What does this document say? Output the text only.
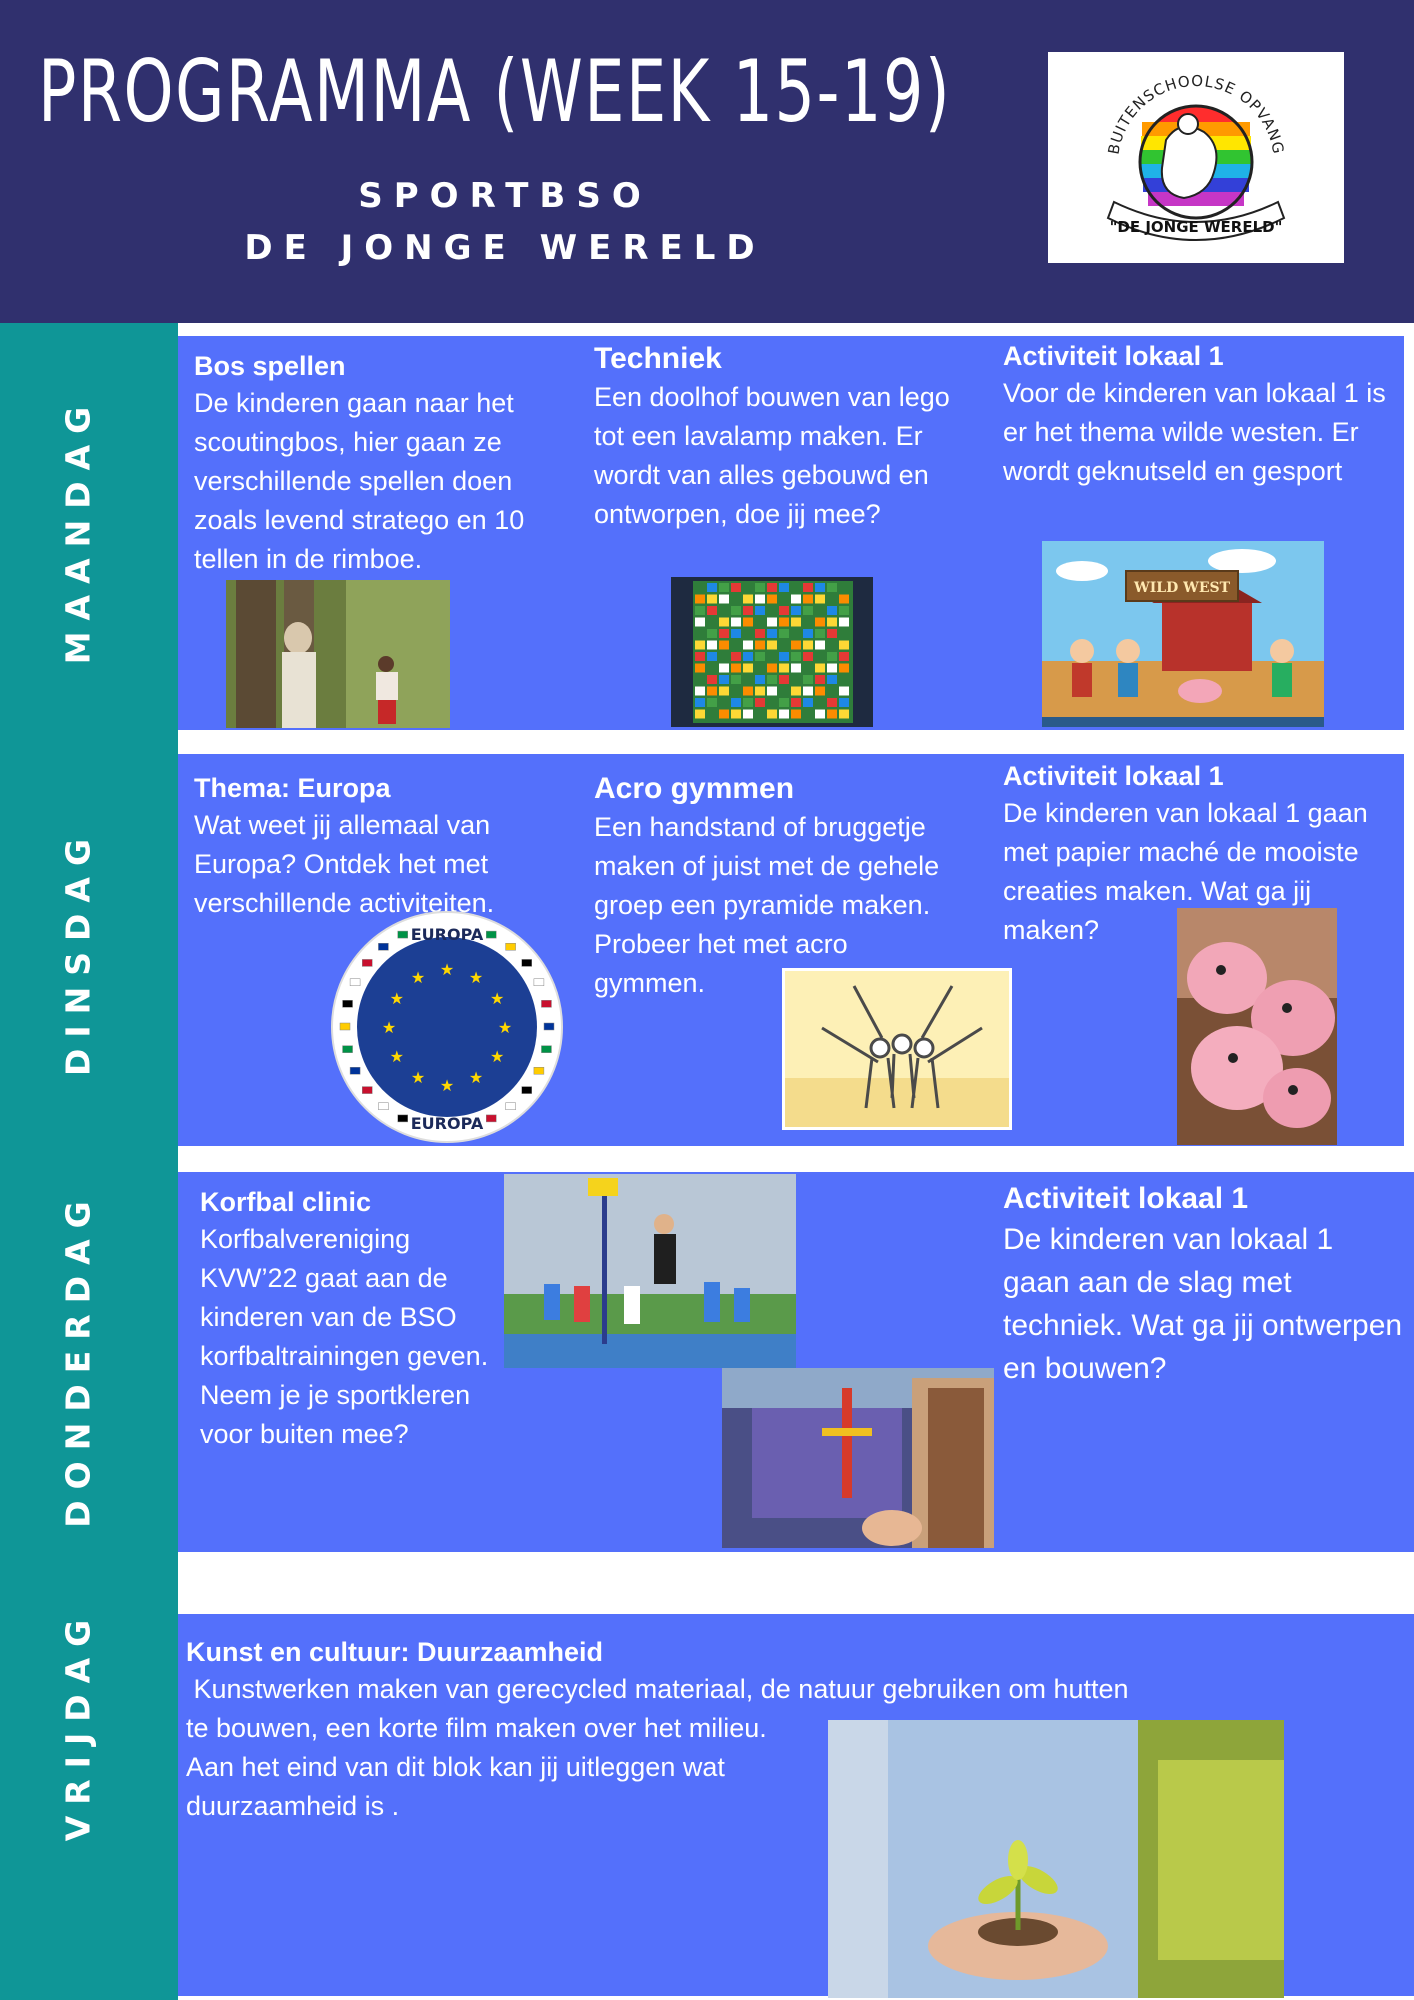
PROGRAMMA (WEEK 15-19)
SPORTBSO
DE JONGE WERELD
BUITENSCHOOLSE OPVANG
"DE JONGE WERELD"
MAANDAG
DINSDAG
DONDERDAG
VRIJDAG
Bos spellen

De kinderen gaan naar het scoutingbos, hier gaan ze verschillende spellen doen zoals levend stratego en 10 tellen in de rimboe.

Techniek

Een doolhof bouwen van lego tot een lavalamp maken. Er wordt van alles gebouwd en ontworpen, doe jij mee?

Activiteit lokaal 1

Voor de kinderen van lokaal 1 is er het thema wilde westen. Er wordt geknutseld en gesport

WILD WEST
Thema: Europa

Wat weet jij allemaal van Europa? Ontdek het met verschillende activiteiten.

EUROPA
EUROPA
★ ★
★
★
★
★
★
★
★
★
★
★
Acro gymmen

Een handstand of bruggetje maken of juist met de gehele groep een pyramide maken. Probeer het met acro gymmen.

Activiteit lokaal 1

De kinderen van lokaal 1 gaan met papier maché de mooiste creaties maken. Wat ga jij maken?

Korfbal clinic

Korfbalvereniging KVW’22 gaat aan de kinderen van de BSO korfbaltrainingen geven. Neem je je sportkleren voor buiten mee?

Activiteit lokaal 1

De kinderen van lokaal 1 gaan aan de slag met techniek. Wat ga jij ontwerpen en bouwen?

Kunst en cultuur: Duurzaamheid

Kunstwerken maken van gerecycled materiaal, de natuur gebruiken om hutten

te bouwen, een korte film maken over het milieu.

Aan het eind van dit blok kan jij uitleggen wat

duurzaamheid is .
